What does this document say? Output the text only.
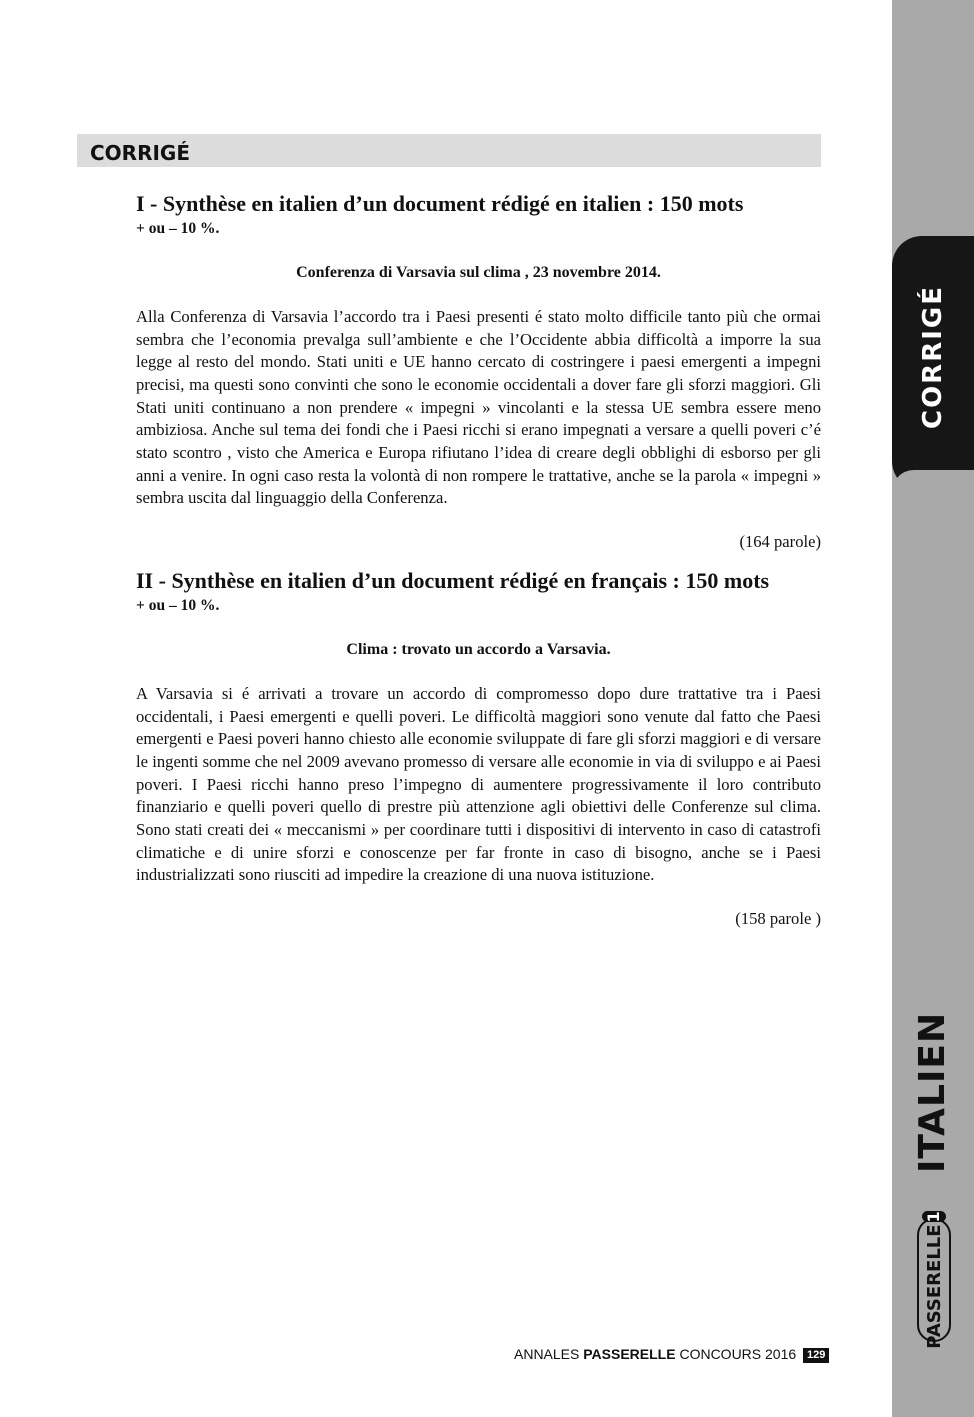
CORRIGÉ
ITALIEN
PASSERELLE
1
CORRIGÉ
I - Synthèse en italien d’un document rédigé en italien : 150 mots
+ ou – 10 %.
Conferenza di Varsavia sul clima , 23 novembre 2014.

Alla Conferenza di Varsavia l’accordo tra i Paesi presenti é stato molto difficile tanto più che ormai sembra che l’economia prevalga sull’ambiente e che l’Occidente abbia difficoltà a imporre la sua legge al resto del mondo. Stati uniti e UE hanno cercato di costringere i paesi emergenti a impegni precisi, ma questi sono convinti che sono le economie occidentali a dover fare gli sforzi maggiori. Gli Stati uniti continuano a non prendere « impegni » vincolanti e la stessa UE sembra essere meno ambiziosa. Anche sul tema dei fondi che i Paesi ricchi si erano impegnati a versare a quelli poveri c’é stato scontro , visto che America e Europa rifiutano l’idea di creare degli obblighi di esborso per gli anni a venire. In ogni caso resta la volontà di non rompere le trattative, anche se la parola « impegni » sembra uscita dal linguaggio della Conferenza.

(164 parole)
II - Synthèse en italien d’un document rédigé en français : 150 mots
+ ou – 10 %.
Clima : trovato un accordo a Varsavia.

A Varsavia si é arrivati a trovare un accordo di compromesso dopo dure trattative tra i Paesi occidentali, i Paesi emergenti e quelli poveri. Le difficoltà maggiori sono venute dal fatto che Paesi emergenti e Paesi poveri hanno chiesto alle economie sviluppate di fare gli sforzi maggiori e di versare le ingenti somme che nel 2009 avevano promesso di versare alle economie in via di sviluppo e ai Paesi poveri. I Paesi ricchi hanno preso l’impegno di aumentere progressivamente il loro contributo finanziario e quelli poveri quello di prestre più attenzione agli obiettivi delle Conferenze sul clima. Sono stati creati dei « meccanismi » per coordinare tutti i dispositivi di intervento in caso di catastrofi climatiche e di unire sforzi e conoscenze per far fronte in caso di bisogno, anche se i Paesi industrializzati sono riusciti ad impedire la creazione di una nuova istituzione.

(158 parole )
ANNALES PASSERELLE CONCOURS 2016 129
